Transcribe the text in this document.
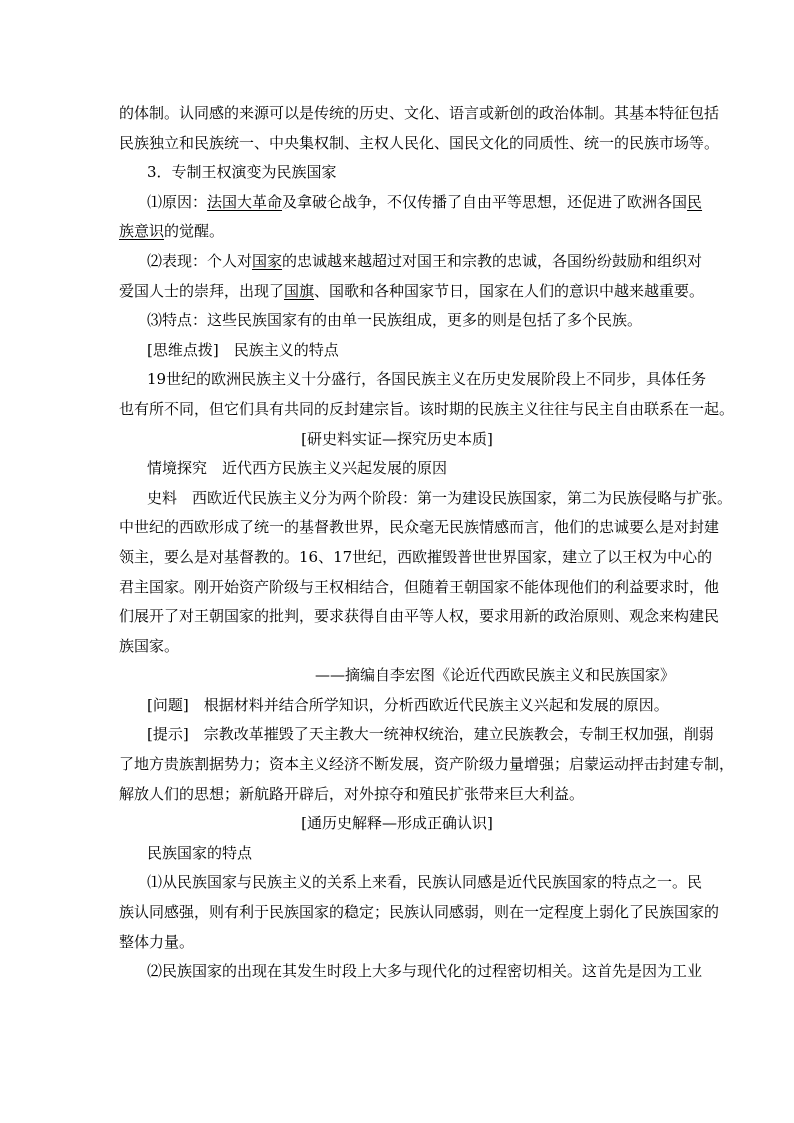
的体制。认同感的来源可以是传统的历史、文化、语言或新创的政治体制。其基本特征包括
民族独立和民族统一、中央集权制、主权人民化、国民文化的同质性、统一的民族市场等。
3．专制王权演变为民族国家
⑴原因：法国大革命及拿破仑战争，不仅传播了自由平等思想，还促进了欧洲各国民
族意识的觉醒。
⑵表现：个人对国家的忠诚越来越超过对国王和宗教的忠诚，各国纷纷鼓励和组织对
爱国人士的崇拜，出现了国旗、国歌和各种国家节日，国家在人们的意识中越来越重要。
⑶特点：这些民族国家有的由单一民族组成，更多的则是包括了多个民族。
[思维点拨]　民族主义的特点
19世纪的欧洲民族主义十分盛行，各国民族主义在历史发展阶段上不同步，具体任务
也有所不同，但它们具有共同的反封建宗旨。该时期的民族主义往往与民主自由联系在一起。
[研史料实证—探究历史本质]
情境探究　近代西方民族主义兴起发展的原因
史料　西欧近代民族主义分为两个阶段：第一为建设民族国家，第二为民族侵略与扩张。
中世纪的西欧形成了统一的基督教世界，民众毫无民族情感而言，他们的忠诚要么是对封建
领主，要么是对基督教的。16、17世纪，西欧摧毁普世世界国家，建立了以王权为中心的
君主国家。刚开始资产阶级与王权相结合，但随着王朝国家不能体现他们的利益要求时，他
们展开了对王朝国家的批判，要求获得自由平等人权，要求用新的政治原则、观念来构建民
族国家。
——摘编自李宏图《论近代西欧民族主义和民族国家》
[问题]　根据材料并结合所学知识，分析西欧近代民族主义兴起和发展的原因。
[提示]　宗教改革摧毁了天主教大一统神权统治，建立民族教会，专制王权加强，削弱
了地方贵族割据势力；资本主义经济不断发展，资产阶级力量增强；启蒙运动抨击封建专制，
解放人们的思想；新航路开辟后，对外掠夺和殖民扩张带来巨大利益。
[通历史解释—形成正确认识]
民族国家的特点
⑴从民族国家与民族主义的关系上来看，民族认同感是近代民族国家的特点之一。民
族认同感强，则有利于民族国家的稳定；民族认同感弱，则在一定程度上弱化了民族国家的
整体力量。
⑵民族国家的出现在其发生时段上大多与现代化的过程密切相关。这首先是因为工业
